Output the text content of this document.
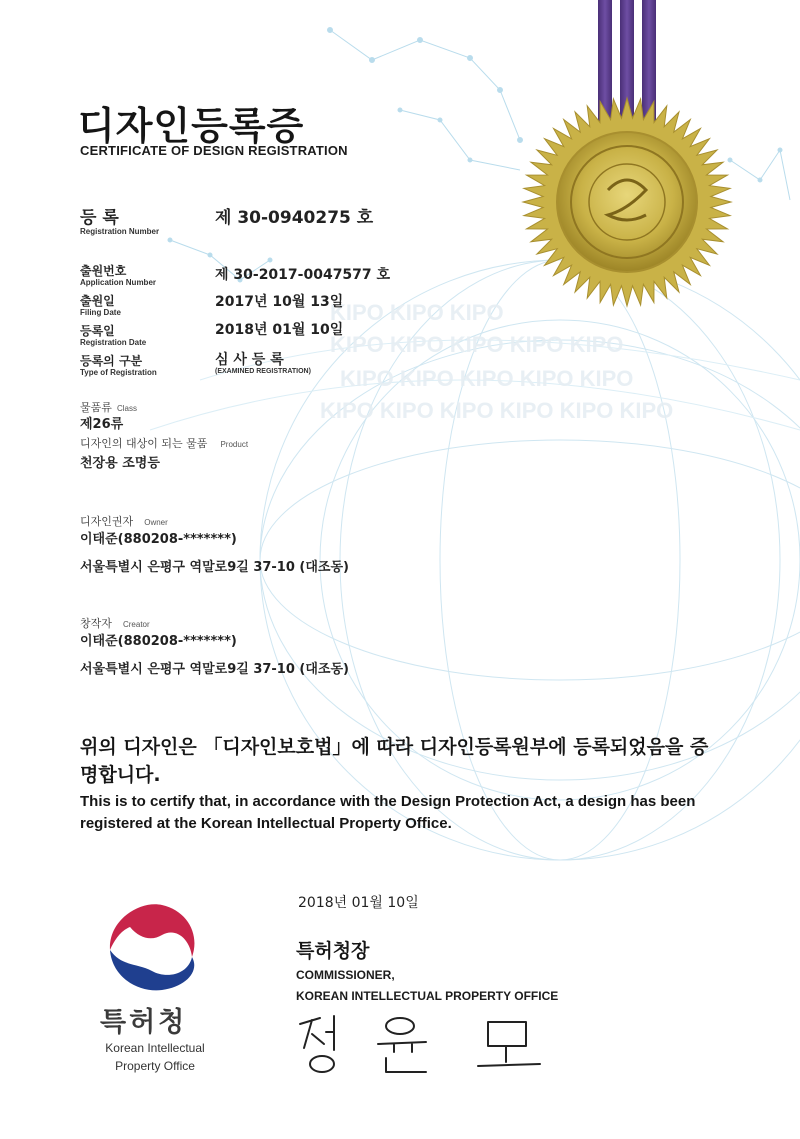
KIPO KIPO KIPO
KIPO KIPO KIPO KIPO KIPO
KIPO KIPO KIPO KIPO KIPO
KIPO KIPO KIPO KIPO KIPO KIPO
디자인등록증
CERTIFICATE OF DESIGN REGISTRATION
등 록
Registration Number
제 30-0940275 호
출원번호
Application Number	제 30-2017-0047577 호
출원일
Filing Date
2017년 10월 13일
등록일
Registration Date
2018년 01월 10일
등록의 구분
Type of Registration
심 사 등 록
(EXAMINED REGISTRATION)
물품류 Class
제26류
디자인의 대상이 되는 물품 Product
천장용 조명등
디자인권자 Owner
이태준(880208-*******)
서울특별시 은평구 역말로9길 37-10 (대조동)
창작자 Creator
이태준(880208-*******)
서울특별시 은평구 역말로9길 37-10 (대조동)
위의 디자인은 「디자인보호법」에 따라 디자인등록원부에 등록되었음을 증명합니다.
This is to certify that, in accordance with the Design Protection Act, a design has been registered at the Korean Intellectual Property Office.
2018년 01월 10일
특허청장
COMMISSIONER,
KOREAN INTELLECTUAL PROPERTY OFFICE
특허청
Korean Intellectual
Property Office
